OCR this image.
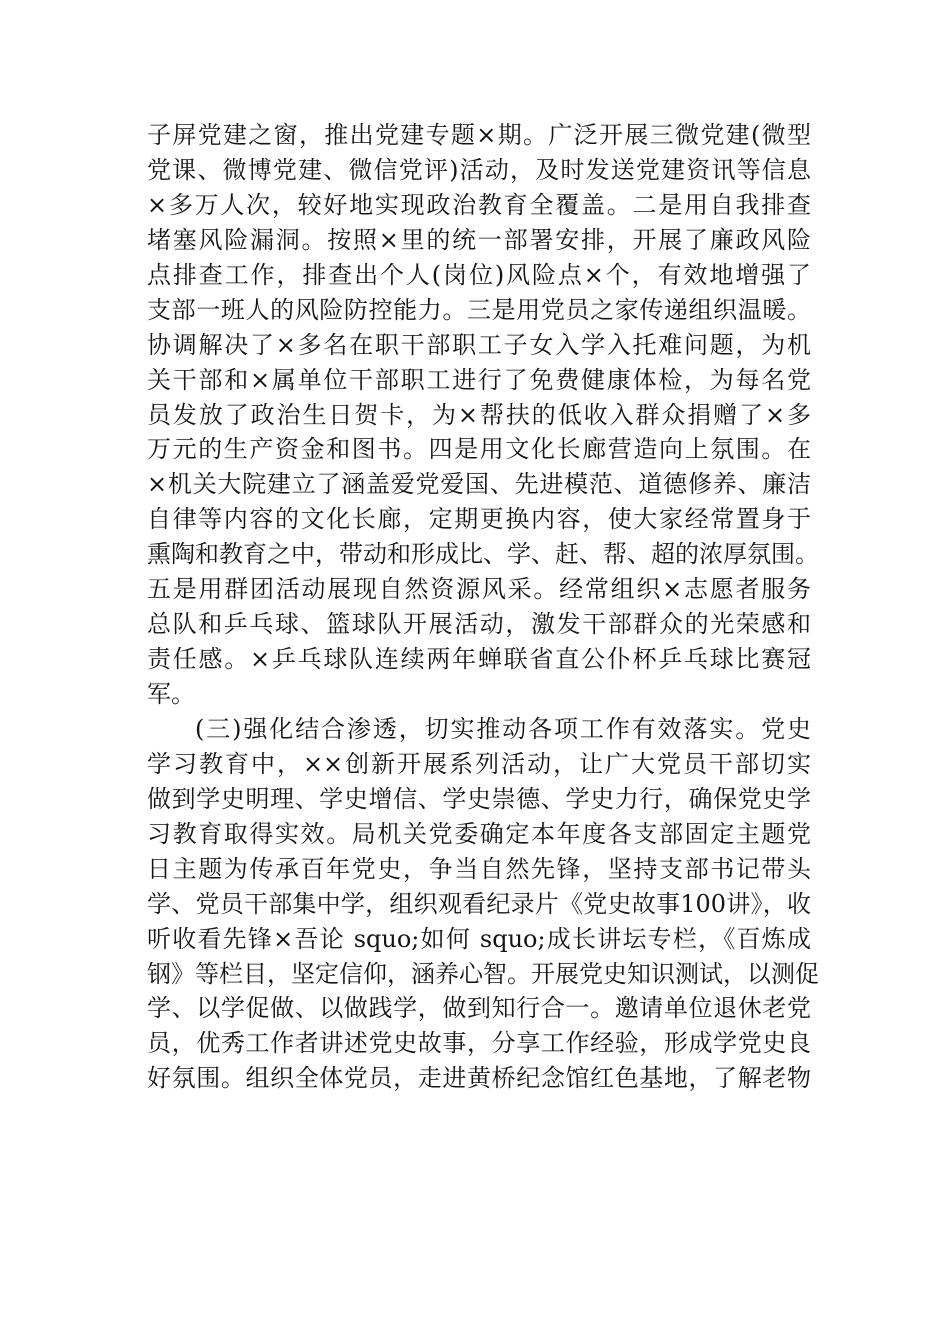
子屏党建之窗，推出党建专题×期。广泛开展三微党建(微型
党课、微博党建、微信党评)活动，及时发送党建资讯等信息
×多万人次，较好地实现政治教育全覆盖。二是用自我排查
堵塞风险漏洞。按照×里的统一部署安排，开展了廉政风险
点排查工作，排查出个人(岗位)风险点×个，有效地增强了
支部一班人的风险防控能力。三是用党员之家传递组织温暖。
协调解决了×多名在职干部职工子女入学入托难问题，为机
关干部和×属单位干部职工进行了免费健康体检，为每名党
员发放了政治生日贺卡，为×帮扶的低收入群众捐赠了×多
万元的生产资金和图书。四是用文化长廊营造向上氛围。在
×机关大院建立了涵盖爱党爱国、先进模范、道德修养、廉洁
自律等内容的文化长廊，定期更换内容，使大家经常置身于
熏陶和教育之中，带动和形成比、学、赶、帮、超的浓厚氛围。
五是用群团活动展现自然资源风采。经常组织×志愿者服务
总队和乒乓球、篮球队开展活动，激发干部群众的光荣感和
责任感。×乒乓球队连续两年蝉联省直公仆杯乒乓球比赛冠
军。
(三)强化结合渗透，切实推动各项工作有效落实。党史
学习教育中，××创新开展系列活动，让广大党员干部切实
做到学史明理、学史增信、学史崇德、学史力行，确保党史学
习教育取得实效。局机关党委确定本年度各支部固定主题党
日主题为传承百年党史，争当自然先锋，坚持支部书记带头
学、党员干部集中学，组织观看纪录片《党史故事100讲》，收
听收看先锋×吾论 squo;如何 squo;成长讲坛专栏，《百炼成
钢》等栏目，坚定信仰，涵养心智。开展党史知识测试，以测促
学、以学促做、以做践学，做到知行合一。邀请单位退休老党
员，优秀工作者讲述党史故事，分享工作经验，形成学党史良
好氛围。组织全体党员，走进黄桥纪念馆红色基地，了解老物
